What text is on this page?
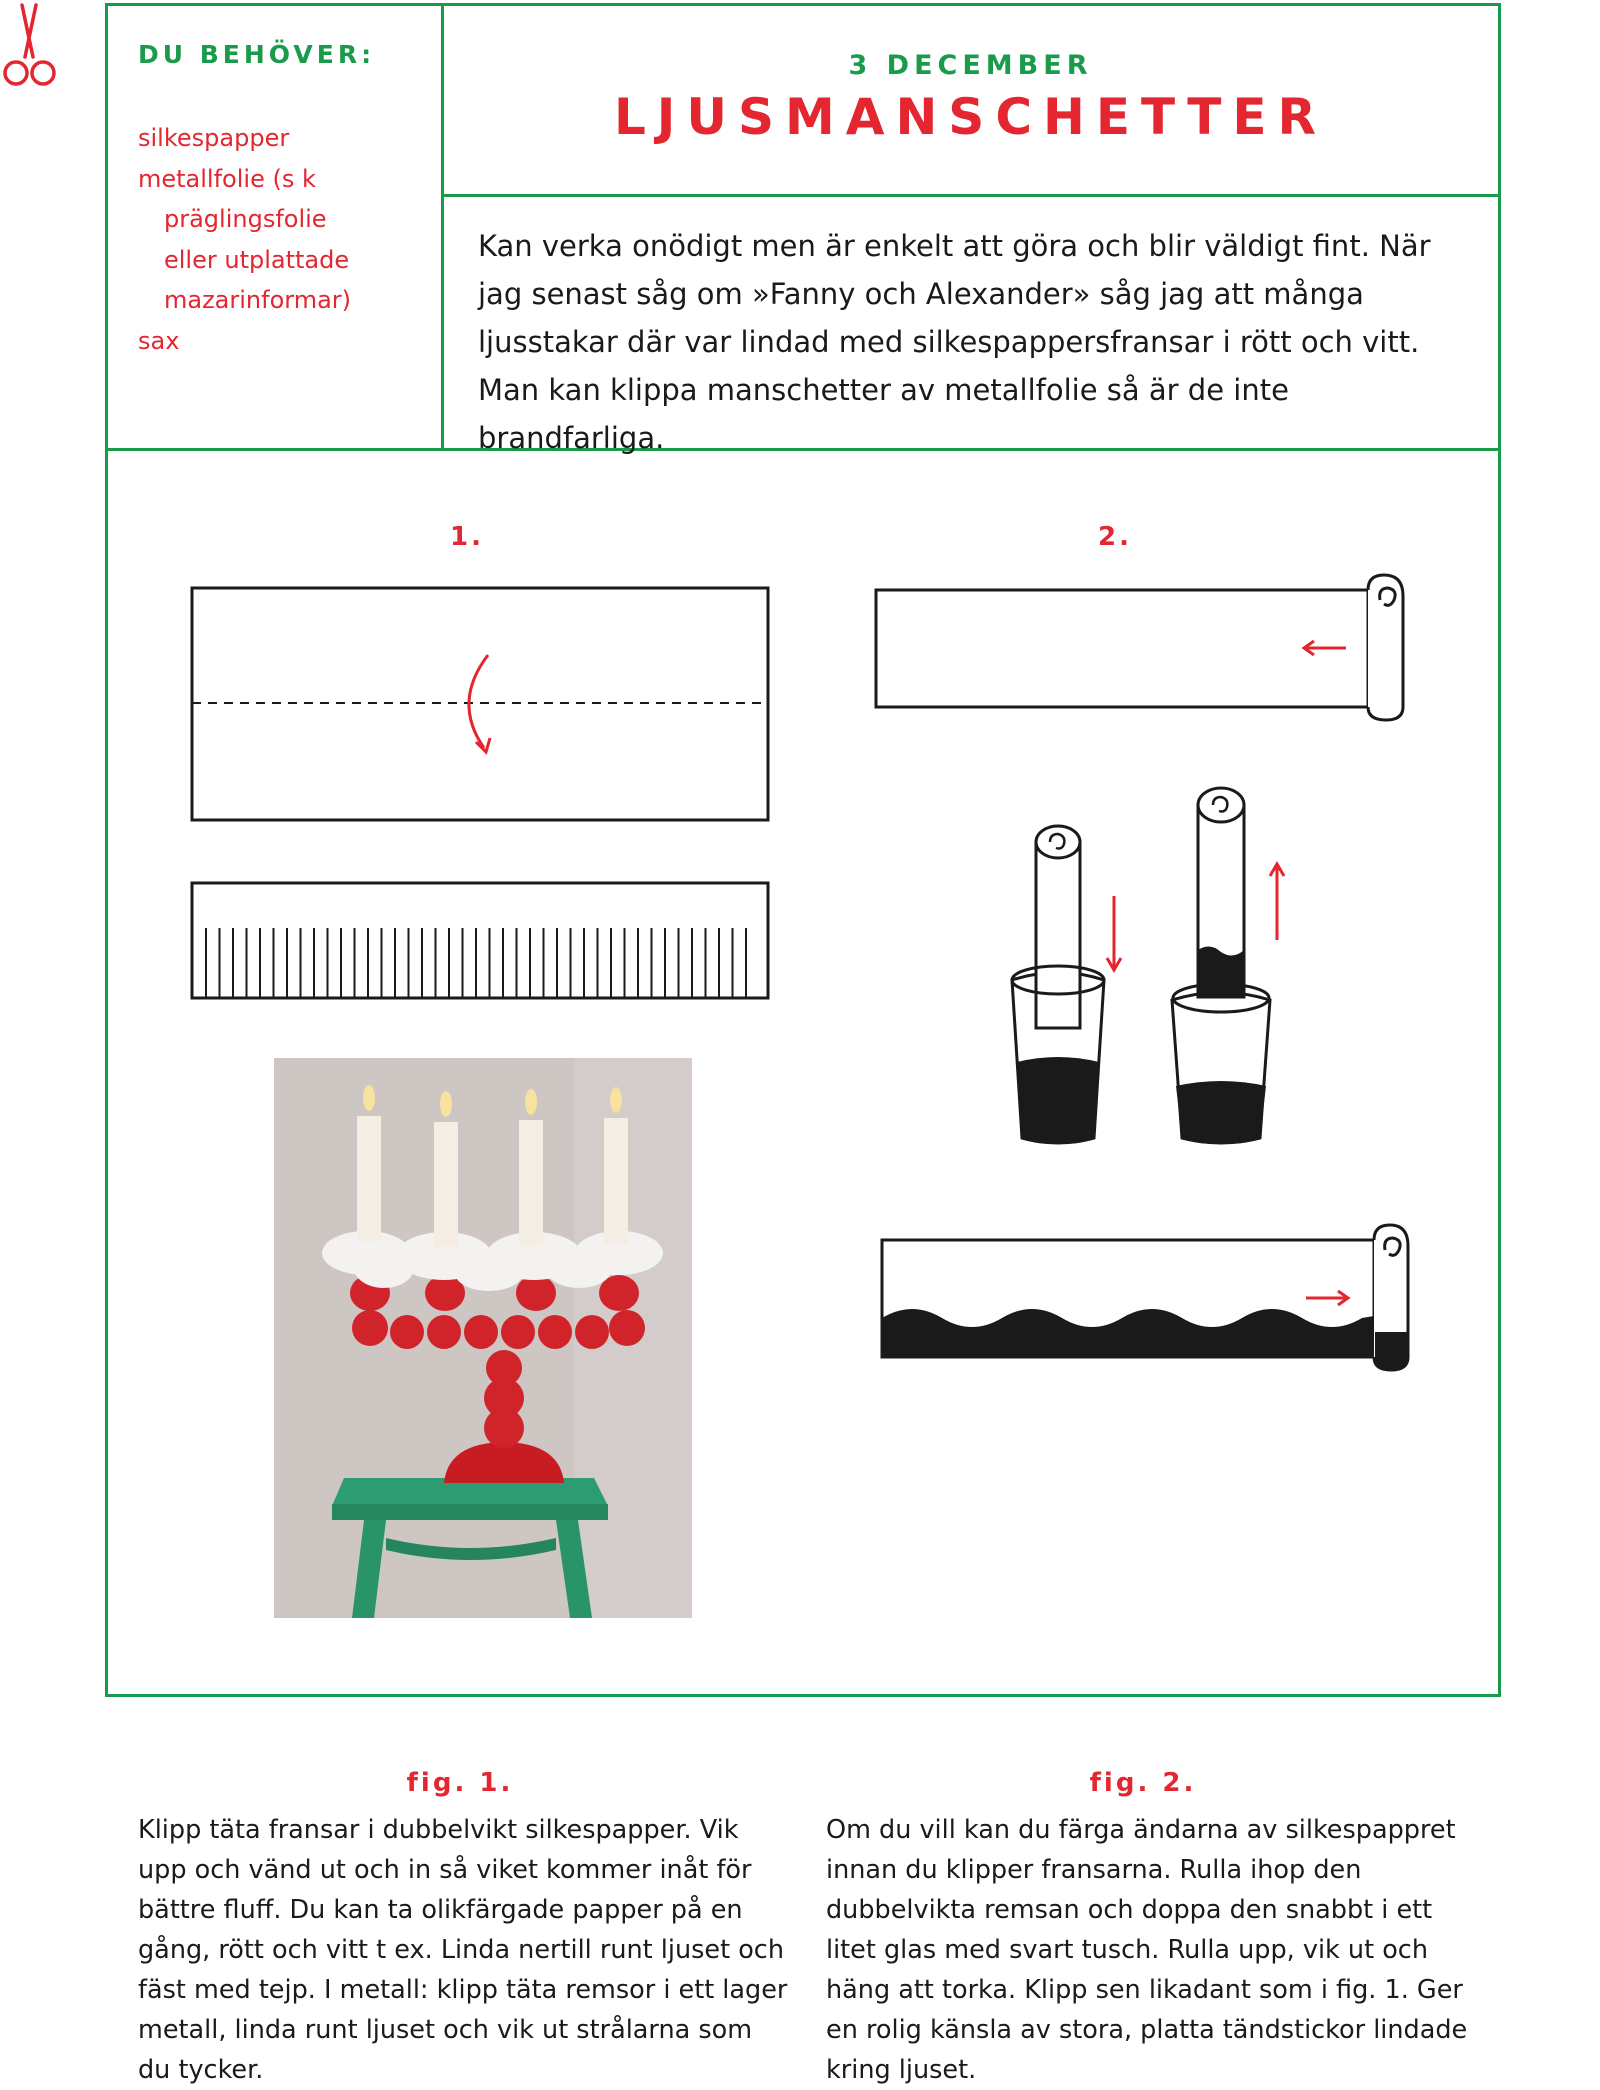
DU BEHÖVER:
silkespapper
metallfolie (s k
präglingsfolie
eller utplattade
mazarinformar)
sax
3 DECEMBER
LJUSMANSCHETTER

Kan verka onödigt men är enkelt att göra och blir väldigt fint. När jag senast såg om »Fanny och Alexander» såg jag att många ljusstakar där var lindad med silkespappersfransar i rött och vitt. Man kan klippa manschetter av metallfolie så är de inte brandfarliga.

1.	2.
fig. 1.

Klipp täta fransar i dubbelvikt silkespapper. Vik upp och vänd ut och in så viket kommer inåt för bättre fluff. Du kan ta olikfärgade papper på en gång, rött och vitt t ex. Linda nertill runt ljuset och fäst med tejp. I metall: klipp täta remsor i ett lager metall, linda runt ljuset och vik ut strålarna som du tycker.

fig. 2.

Om du vill kan du färga ändarna av silkespappret innan du klipper fransarna. Rulla ihop den dubbelvikta remsan och doppa den snabbt i ett litet glas med svart tusch. Rulla upp, vik ut och häng att torka. Klipp sen likadant som i fig. 1. Ger en rolig känsla av stora, platta tändstickor lindade kring ljuset.
